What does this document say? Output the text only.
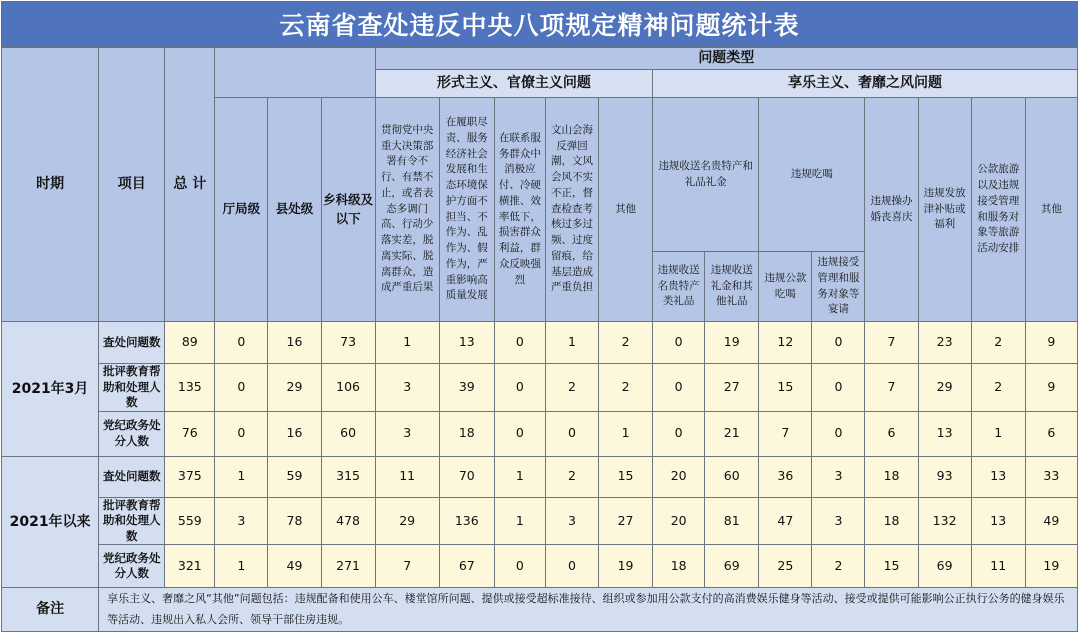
云南省查处违反中央八项规定精神问题统计表
时期	项目	总 计				问题类型												
						形式主义、官僚主义问题					享乐主义、奢靡之风问题							
			厅局级	县处级	乡科级及以下	贯彻党中央重大决策部署有令不行、有禁不止，或者表态多调门高、行动少落实差，脱离实际、脱离群众，造成严重后果	在履职尽责、服务经济社会发展和生态环境保护方面不担当、不作为、乱作为、假作为，严重影响高质量发展	在联系服务群众中消极应付、冷硬横推、效率低下，损害群众利益，群众反映强烈	文山会海反弹回潮，文风会风不实不正，督查检查考核过多过频、过度留痕，给基层造成严重负担	其他	违规收送名贵特产和礼品礼金		违规吃喝		违规操办婚丧喜庆	违规发放津补贴或福利	公款旅游以及违规接受管理和服务对象等旅游活动安排	其他
											违规收送名贵特产类礼品	违规收送礼金和其他礼品	违规公款吃喝	违规接受管理和服务对象等宴请				
2021年3月	查处问题数	89	0	16	73	1	13	0	1	2	0	19	12	0	7	23	2	9
	批评教育帮助和处理人数	135	0	29	106	3	39	0	2	2	0	27	15	0	7	29	2	9
	党纪政务处分人数	76	0	16	60	3	18	0	0	1	0	21	7	0	6	13	1	6
2021年以来	查处问题数	375	1	59	315	11	70	1	2	15	20	60	36	3	18	93	13	33
	批评教育帮助和处理人数	559	3	78	478	29	136	1	3	27	20	81	47	3	18	132	13	49
	党纪政务处分人数	321	1	49	271	7	67	0	0	19	18	69	25	2	15	69	11	19
备注	享乐主义、奢靡之风“其他”问题包括：违规配备和使用公车、楼堂馆所问题、提供或接受超标准接待、组织或参加用公款支付的高消费娱乐健身等活动、接受或提供可能影响公正执行公务的健身娱乐等活动、违规出入私人会所、领导干部住房违规。																	
